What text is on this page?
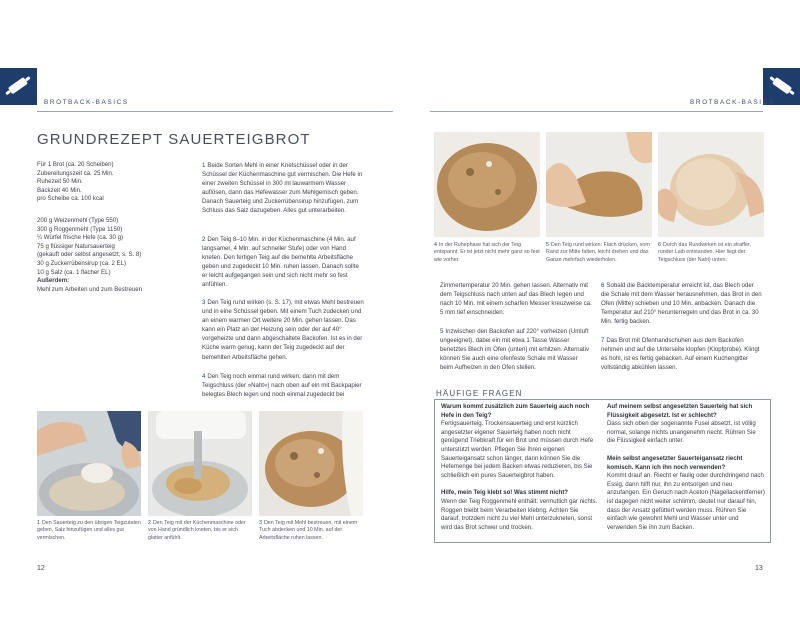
BROTBACK-BASICS	BROTBACK-BASICS
GRUNDREZEPT SAUERTEIGBROT
Für 1 Brot (ca. 20 Scheiben)
Zubereitungszeit ca. 25 Min.
Ruhezeit 50 Min.
Backzeit 40 Min.
pro Scheibe ca. 100 kcal
200 g Weizenmehl (Type 550)
300 g Roggenmehl (Type 1150)
¼ Würfel frische Hefe (ca. 30 g)
75 g flüssiger Natursauerteig
(gekauft oder selbst angesetzt; s. S. 8)
30 g Zuckerrübensirup (ca. 2 EL)
10 g Salz (ca. 1 flacher EL)
Außerdem:
Mehl zum Arbeiten und zum Bestreuen
1 Beide Sorten Mehl in einer Knetschüssel oder in der Schüssel der Küchenmaschine gut vermischen. Die Hefe in einer zweiten Schüssel in 300 ml lauwarmem Wasser auflösen, dann das Hefewasser zum Mehlgemisch geben. Danach Sauerteig und Zuckerrübensirup hinzufügen, zum Schluss das Salz dazugeben. Alles gut unterarbeiten.
2 Den Teig 8–10 Min. in der Küchenmaschine (4 Min. auf langsamer, 4 Min. auf schneller Stufe) oder von Hand kneten. Den fertigen Teig auf die bemehlte Arbeitsfläche geben und zugedeckt 10 Min. ruhen lassen. Danach sollte er leicht aufgegangen sein und sich nicht mehr so fest anfühlen.
3 Den Teig rund wirken (s. S. 17), mit etwas Mehl bestreuen und in eine Schüssel geben. Mit einem Tuch zudecken und an einem warmen Ort weitere 20 Min. gehen lassen. Das kann ein Platz an der Heizung sein oder der auf 40° vorgeheizte und dann abgeschaltete Backofen. Ist es in der Küche warm genug, kann der Teig zugedeckt auf der bemehlten Arbeitsfläche gehen.
4 Den Teig noch einmal rund wirken, dann mit dem Teigschluss (der »Naht«) nach oben auf ein mit Backpapier belegtes Blech legen und noch einmal zugedeckt bei
1 Den Sauerteig zu den übrigen Teigzutaten geben, Salz hinzufügen und alles gut vermischen.
2 Den Teig mit der Küchenmaschine oder von Hand gründlich kneten, bis er sich glatter anfühlt.
3 Den Teig mit Mehl bestreuen, mit einem Tuch abdecken und 10 Min. auf der Arbeitsfläche ruhen lassen.
12
4 In der Ruhephase hat sich der Teig entspannt. Er ist jetzt nicht mehr ganz so fest wie vorher.
5 Den Teig rund wirken: Flach drücken, vom Rand zur Mitte falten, leicht drehen und das Ganze mehrfach wiederholen.
6 Durch das Rundwirken ist ein straffer, runder Laib entstanden. Hier liegt der Teigschluss (der Naht) unten.
Zimmertemperatur 20 Min. gehen lassen. Alternativ mit dem Teigschluss nach unten auf das Blech legen und nach 10 Min. mit einem scharfen Messer kreuzweise ca. 5 mm tief einschneiden.
5 Inzwischen den Backofen auf 220° vorheizen (Umluft ungeeignet), dabei ein mit etwa 1 Tasse Wasser benetztes Blech im Ofen (unten) mit erhitzen. Alternativ können Sie auch eine ofenfeste Schale mit Wasser beim Aufheizen in den Ofen stellen.
6 Sobald die Backtemperatur erreicht ist, das Blech oder die Schale mit dem Wasser herausnehmen, das Brot in den Ofen (Mitte) schieben und 10 Min. anbacken. Danach die Temperatur auf 210° herunterregeln und das Brot in ca. 30 Min. fertig backen.
7 Das Brot mit Ofenhandschuhen aus dem Backofen nehmen und auf die Unterseite klopfen (Klopfprobe). Klingt es hohl, ist es fertig gebacken. Auf einem Kuchengitter vollständig abkühlen lassen.
HÄUFIGE FRAGEN
Warum kommt zusätzlich zum Sauerteig auch noch Hefe in den Teig?
Fertigsauerteig, Trockensauerteig und erst kürzlich angesetzter eigener Sauerteig haben noch nicht genügend Triebkraft für ein Brot und müssen durch Hefe unterstützt werden. Pflegen Sie Ihren eigenen Sauerteigansatz schon länger, dann können Sie die Hefemenge bei jedem Backen etwas reduzieren, bis Sie schließlich ein pures Sauerteigbrot haben.
Hilfe, mein Teig klebt so! Was stimmt nicht?
Wenn der Teig Roggenmehl enthält: vermutlich gar nichts. Roggen bleibt beim Verarbeiten klebrig. Achten Sie darauf, trotzdem nicht zu viel Mehl unterzukneten, sonst wird das Brot schwer und trocken.
Auf meinem selbst angesetzten Sauerteig hat sich Flüssigkeit abgesetzt. Ist er schlecht?
Dass sich oben der sogenannte Fusel absetzt, ist völlig normal, solange nichts unangenehm riecht. Rühren Sie die Flüssigkeit einfach unter.
Mein selbst angesetzter Sauerteigansatz riecht komisch. Kann ich ihn noch verwenden?
Kommt drauf an. Riecht er faulig oder durchdringend nach Essig, dann hilft nur, ihn zu entsorgen und neu anzufangen. Ein Geruch nach Aceton (Nagellackentferner) ist dagegen nicht weiter schlimm, deutet nur darauf hin, dass der Ansatz gefüttert werden muss. Rühren Sie einfach wie gewohnt Mehl und Wasser unter und verwenden Sie ihn zum Backen.
13
